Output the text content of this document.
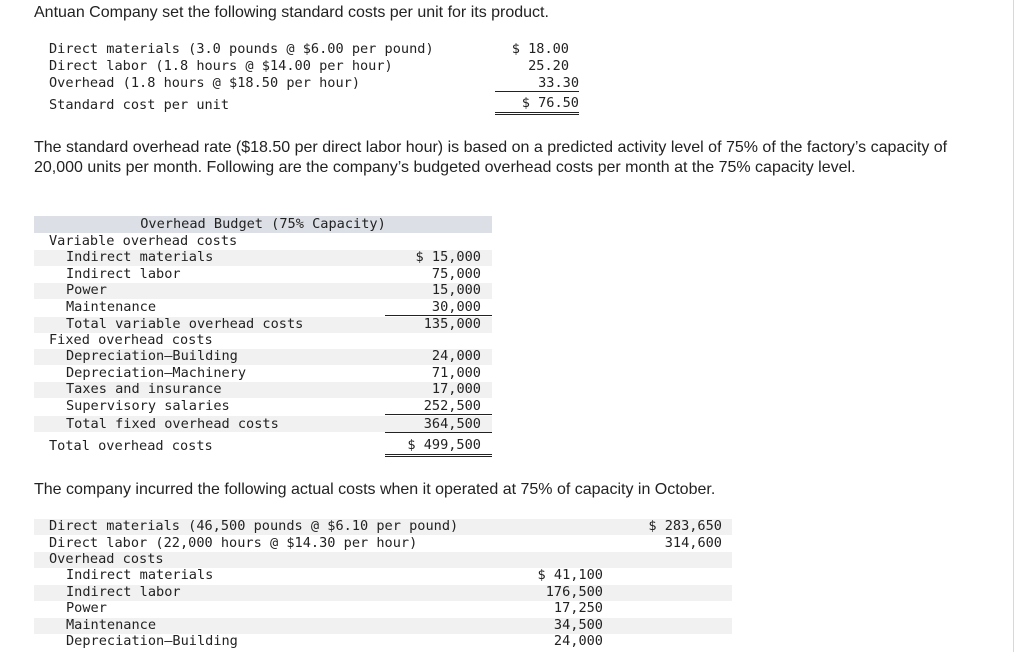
Antuan Company set the following standard costs per unit for its product.
Direct materials (3.0 pounds @ $6.00 per pound)	$ 18.00
Direct labor (1.8 hours @ $14.00 per hour)	25.20
Overhead (1.8 hours @ $18.50 per hour)	33.30
Standard cost per unit	$ 76.50
The standard overhead rate ($18.50 per direct labor hour) is based on a predicted activity level of 75% of the factory’s capacity of 20,000 units per month. Following are the company’s budgeted overhead costs per month at the 75% capacity level.
Overhead Budget (75% Capacity)
Variable overhead costs
Indirect materials	$ 15,000
Indirect labor	75,000
Power	15,000
Maintenance	30,000
Total variable overhead costs	135,000
Fixed overhead costs
Depreciation—Building	24,000
Depreciation—Machinery	71,000
Taxes and insurance	17,000
Supervisory salaries	252,500
Total fixed overhead costs	364,500
Total overhead costs	$ 499,500
The company incurred the following actual costs when it operated at 75% of capacity in October.
Direct materials (46,500 pounds @ $6.10 per pound)	$ 283,650
Direct labor (22,000 hours @ $14.30 per hour)	314,600
Overhead costs
Indirect materials	$ 41,100
Indirect labor	176,500
Power	17,250
Maintenance	34,500
Depreciation—Building	24,000
